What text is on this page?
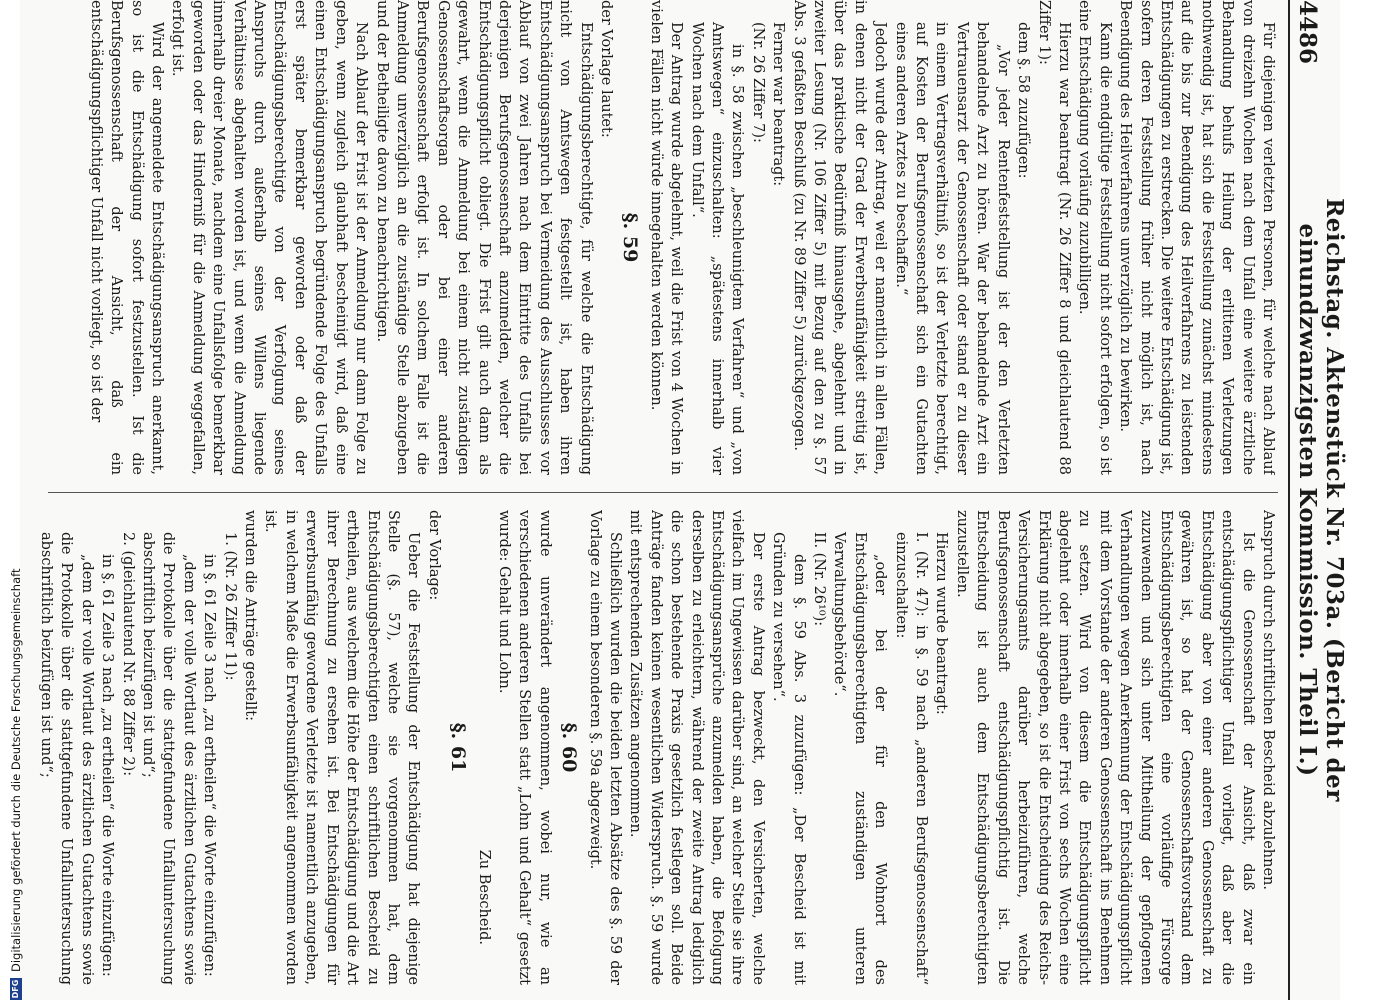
4486
Reichstag. Aktenstück Nr. 703a. (Bericht der einundzwanzigsten Kommission. Theil I.)

Für diejenigen verletzten Personen, für welche nach Ablauf von dreizehn Wochen nach dem Unfall eine weitere ärztliche Behandlung behufs Heilung der erlittenen Verletzungen nothwendig ist, hat sich die Feststellung zunächst mindestens auf die bis zur Beendigung des Heilverfahrens zu leistenden Entschädigungen zu erstrecken. Die weitere Entschädigung ist, sofern deren Feststellung früher nicht möglich ist, nach Beendigung des Heilverfahrens unverzüglich zu bewirken.

Kann die endgültige Feststellung nicht sofort erfolgen, so ist eine Entschädigung vorläufig zuzubilligen.

Hierzu war beantragt (Nr. 26 Ziffer 8 und gleichlautend 88 Ziffer 1):

dem §. 58 zuzufügen:

„Vor jeder Rentenfeststellung ist der den Verletzten behandelnde Arzt zu hören. War der behandelnde Arzt ein Vertrauensarzt der Genossenschaft oder stand er zu dieser in einem Vertragsverhältniß, so ist der Verletzte berechtigt, auf Kosten der Berufsgenossenschaft sich ein Gutachten eines anderen Arztes zu beschaffen.“

Jedoch wurde der Antrag, weil er namentlich in allen Fällen, in denen nicht der Grad der Erwerbsunfähigkeit streitig ist, über das praktische Bedürfniß hinausgehe, abgelehnt und in zweiter Lesung (Nr. 106 Ziffer 5) mit Bezug auf den zu §. 57 Abs. 3 gefaßten Beschluß (zu Nr. 89 Ziffer 5) zurückgezogen.

Ferner war beantragt:

(Nr. 26 Ziffer 7):

in §. 58 zwischen „beschleunigtem Verfahren“ und „von Amtswegen“ einzuschalten: „spätestens innerhalb vier Wochen nach dem Unfall“.

Der Antrag wurde abgelehnt, weil die Frist von 4 Wochen in vielen Fällen nicht würde innegehalten werden können.

§. 59

der Vorlage lautet:

Entschädigungsberechtigte, für welche die Entschädigung nicht von Amtswegen festgestellt ist, haben ihren Entschädigungsanspruch bei Vermeidung des Ausschlusses vor Ablauf von zwei Jahren nach dem Eintritte des Unfalls bei derjenigen Berufsgenossenschaft anzumelden, welcher die Entschädigungspflicht obliegt. Die Frist gilt auch dann als gewahrt, wenn die Anmeldung bei einem nicht zuständigen Genossenschaftsorgan oder bei einer anderen Berufsgenossenschaft erfolgt ist. In solchem Falle ist die Anmeldung unverzüglich an die zuständige Stelle abzugeben und der Betheiligte davon zu benachrichtigen.

Nach Ablauf der Frist ist der Anmeldung nur dann Folge zu geben, wenn zugleich glaubhaft bescheinigt wird, daß eine einen Entschädigungsanspruch begründende Folge des Unfalls erst später bemerkbar geworden oder daß der Entschädigungsberechtigte von der Verfolgung seines Anspruchs durch außerhalb seines Willens liegende Verhältnisse abgehalten worden ist, und wenn die Anmeldung innerhalb dreier Monate, nachdem eine Unfallsfolge bemerkbar geworden oder das Hinderniß für die Anmeldung weggefallen, erfolgt ist.

Wird der angemeldete Entschädigungsanspruch anerkannt, so ist die Entschädigung sofort festzustellen. Ist die Berufsgenossenschaft der Ansicht, daß ein entschädigungspflichtiger Unfall nicht vorliegt, so ist der

Anspruch durch schriftlichen Bescheid abzulehnen.

Ist die Genossenschaft der Ansicht, daß zwar ein entschädigungspflichtiger Unfall vorliegt, daß aber die Entschädigung aber von einer anderen Genossenschaft zu gewähren ist, so hat der Genossenschaftsvorstand dem Entschädigungsberechtigten eine vorläufige Fürsorge zuzuwenden und sich unter Mittheilung der gepflogenen Verhandlungen wegen Anerkennung der Entschädigungspflicht mit dem Vorstande der anderen Genossenschaft ins Benehmen zu setzen. Wird von diesem die Entschädigungspflicht abgelehnt oder innerhalb einer Frist von sechs Wochen eine Erklärung nicht abgegeben, so ist die Entscheidung des Reichs-Versicherungsamts darüber herbeizuführen, welche Berufsgenossenschaft entschädigungspflichtig ist. Die Entscheidung ist auch dem Entschädigungsberechtigten zuzustellen.

Hierzu wurde beantragt:

I. (Nr. 47): in §. 59 nach „anderen Berufsgenossenschaft“ einzuschalten:

„oder bei der für den Wohnort des Entschädigungsberechtigten zuständigen unteren Verwaltungsbehörde“.

II. (Nr. 26¹⁰):

dem §. 59 Abs. 3 zuzufügen: „Der Bescheid ist mit Gründen zu versehen“.

Der erste Antrag bezweckt, den Versicherten, welche vielfach im Ungewissen darüber sind, an welcher Stelle sie ihre Entschädigungsansprüche anzumelden haben, die Befolgung derselben zu erleichtern, während der zweite Antrag lediglich die schon bestehende Praxis gesetzlich festlegen soll. Beide Anträge fanden keinen wesentlichen Widerspruch. §. 59 wurde mit entsprechenden Zusätzen angenommen.

Schließlich wurden die beiden letzten Absätze des §. 59 der Vorlage zu einem besonderen §. 59a abgezweigt.

§. 60

wurde unverändert angenommen, wobei nur, wie an verschiedenen anderen Stellen statt „Lohn und Gehalt“ gesetzt wurde: Gehalt und Lohn.

Zu Bescheid.

§. 61

der Vorlage:

Ueber die Feststellung der Entschädigung hat diejenige Stelle (§. 57), welche sie vorgenommen hat, dem Entschädigungsberechtigten einen schriftlichen Bescheid zu ertheilen, aus welchem die Höhe der Entschädigung und die Art ihrer Berechnung zu ersehen ist. Bei Entschädigungen für erwerbsunfähig gewordene Verletzte ist namentlich anzugeben, in welchem Maße die Erwerbsunfähigkeit angenommen worden ist.

wurden die Anträge gestellt:

1. (Nr. 26 Ziffer 11):

in §. 61 Zeile 3 nach „zu ertheilen“ die Worte einzufügen:

„dem der volle Wortlaut des ärztlichen Gutachtens sowie die Protokolle über die stattgefundene Unfalluntersuchung abschriftlich beizufügen ist und“;

2. (gleichlautend Nr. 88 Ziffer 2):

in §. 61 Zeile 3 nach „zu ertheilen“ die Worte einzufügen:

„dem der volle Wortlaut des ärztlichen Gutachtens sowie die Protokolle über die stattgefundene Unfalluntersuchung abschriftlich beizufügen ist und“;

DFG
Digitalisierung gefördert durch die Deutsche Forschungsgemeinschaft
